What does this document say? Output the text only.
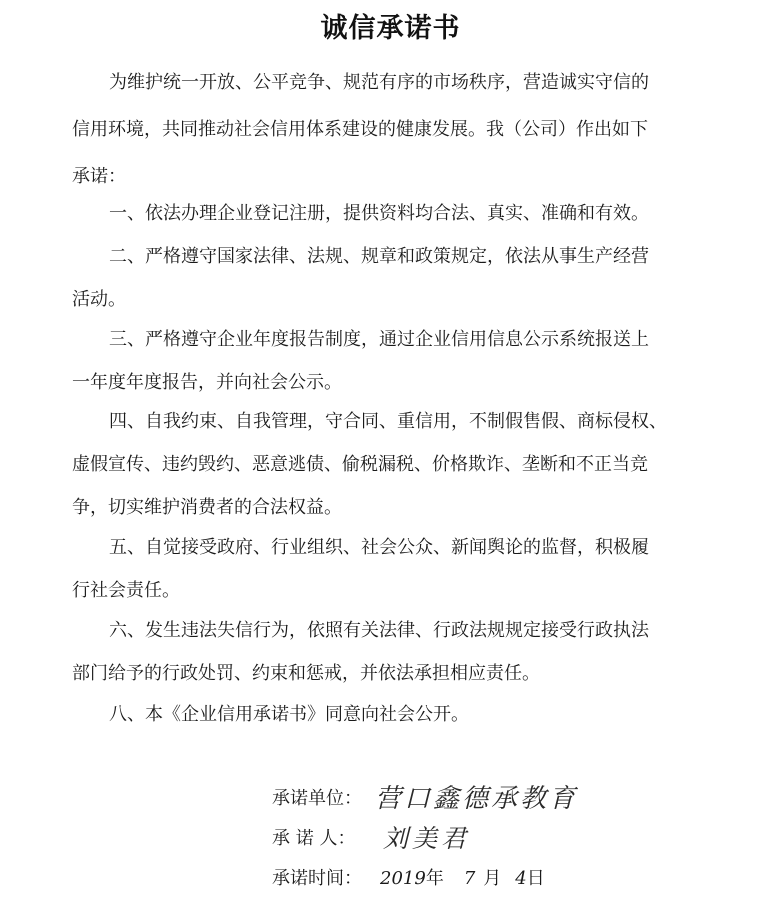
诚信承诺书
为维护统一开放、公平竞争、规范有序的市场秩序，营造诚实守信的
信用环境，共同推动社会信用体系建设的健康发展。我（公司）作出如下
承诺：
一、依法办理企业登记注册，提供资料均合法、真实、准确和有效。
二、严格遵守国家法律、法规、规章和政策规定，依法从事生产经营
活动。
三、严格遵守企业年度报告制度，通过企业信用信息公示系统报送上
一年度年度报告，并向社会公示。
四、自我约束、自我管理，守合同、重信用，不制假售假、商标侵权、
虚假宣传、违约毁约、恶意逃债、偷税漏税、价格欺诈、垄断和不正当竞
争，切实维护消费者的合法权益。
五、自觉接受政府、行业组织、社会公众、新闻舆论的监督，积极履
行社会责任。
六、发生违法失信行为，依照有关法律、行政法规规定接受行政执法
部门给予的行政处罚、约束和惩戒，并依法承担相应责任。
八、本《企业信用承诺书》同意向社会公开。
承诺单位： 营口鑫德承教育
承 诺 人： 刘美君
承诺时间： 2019年 7 月 4日
